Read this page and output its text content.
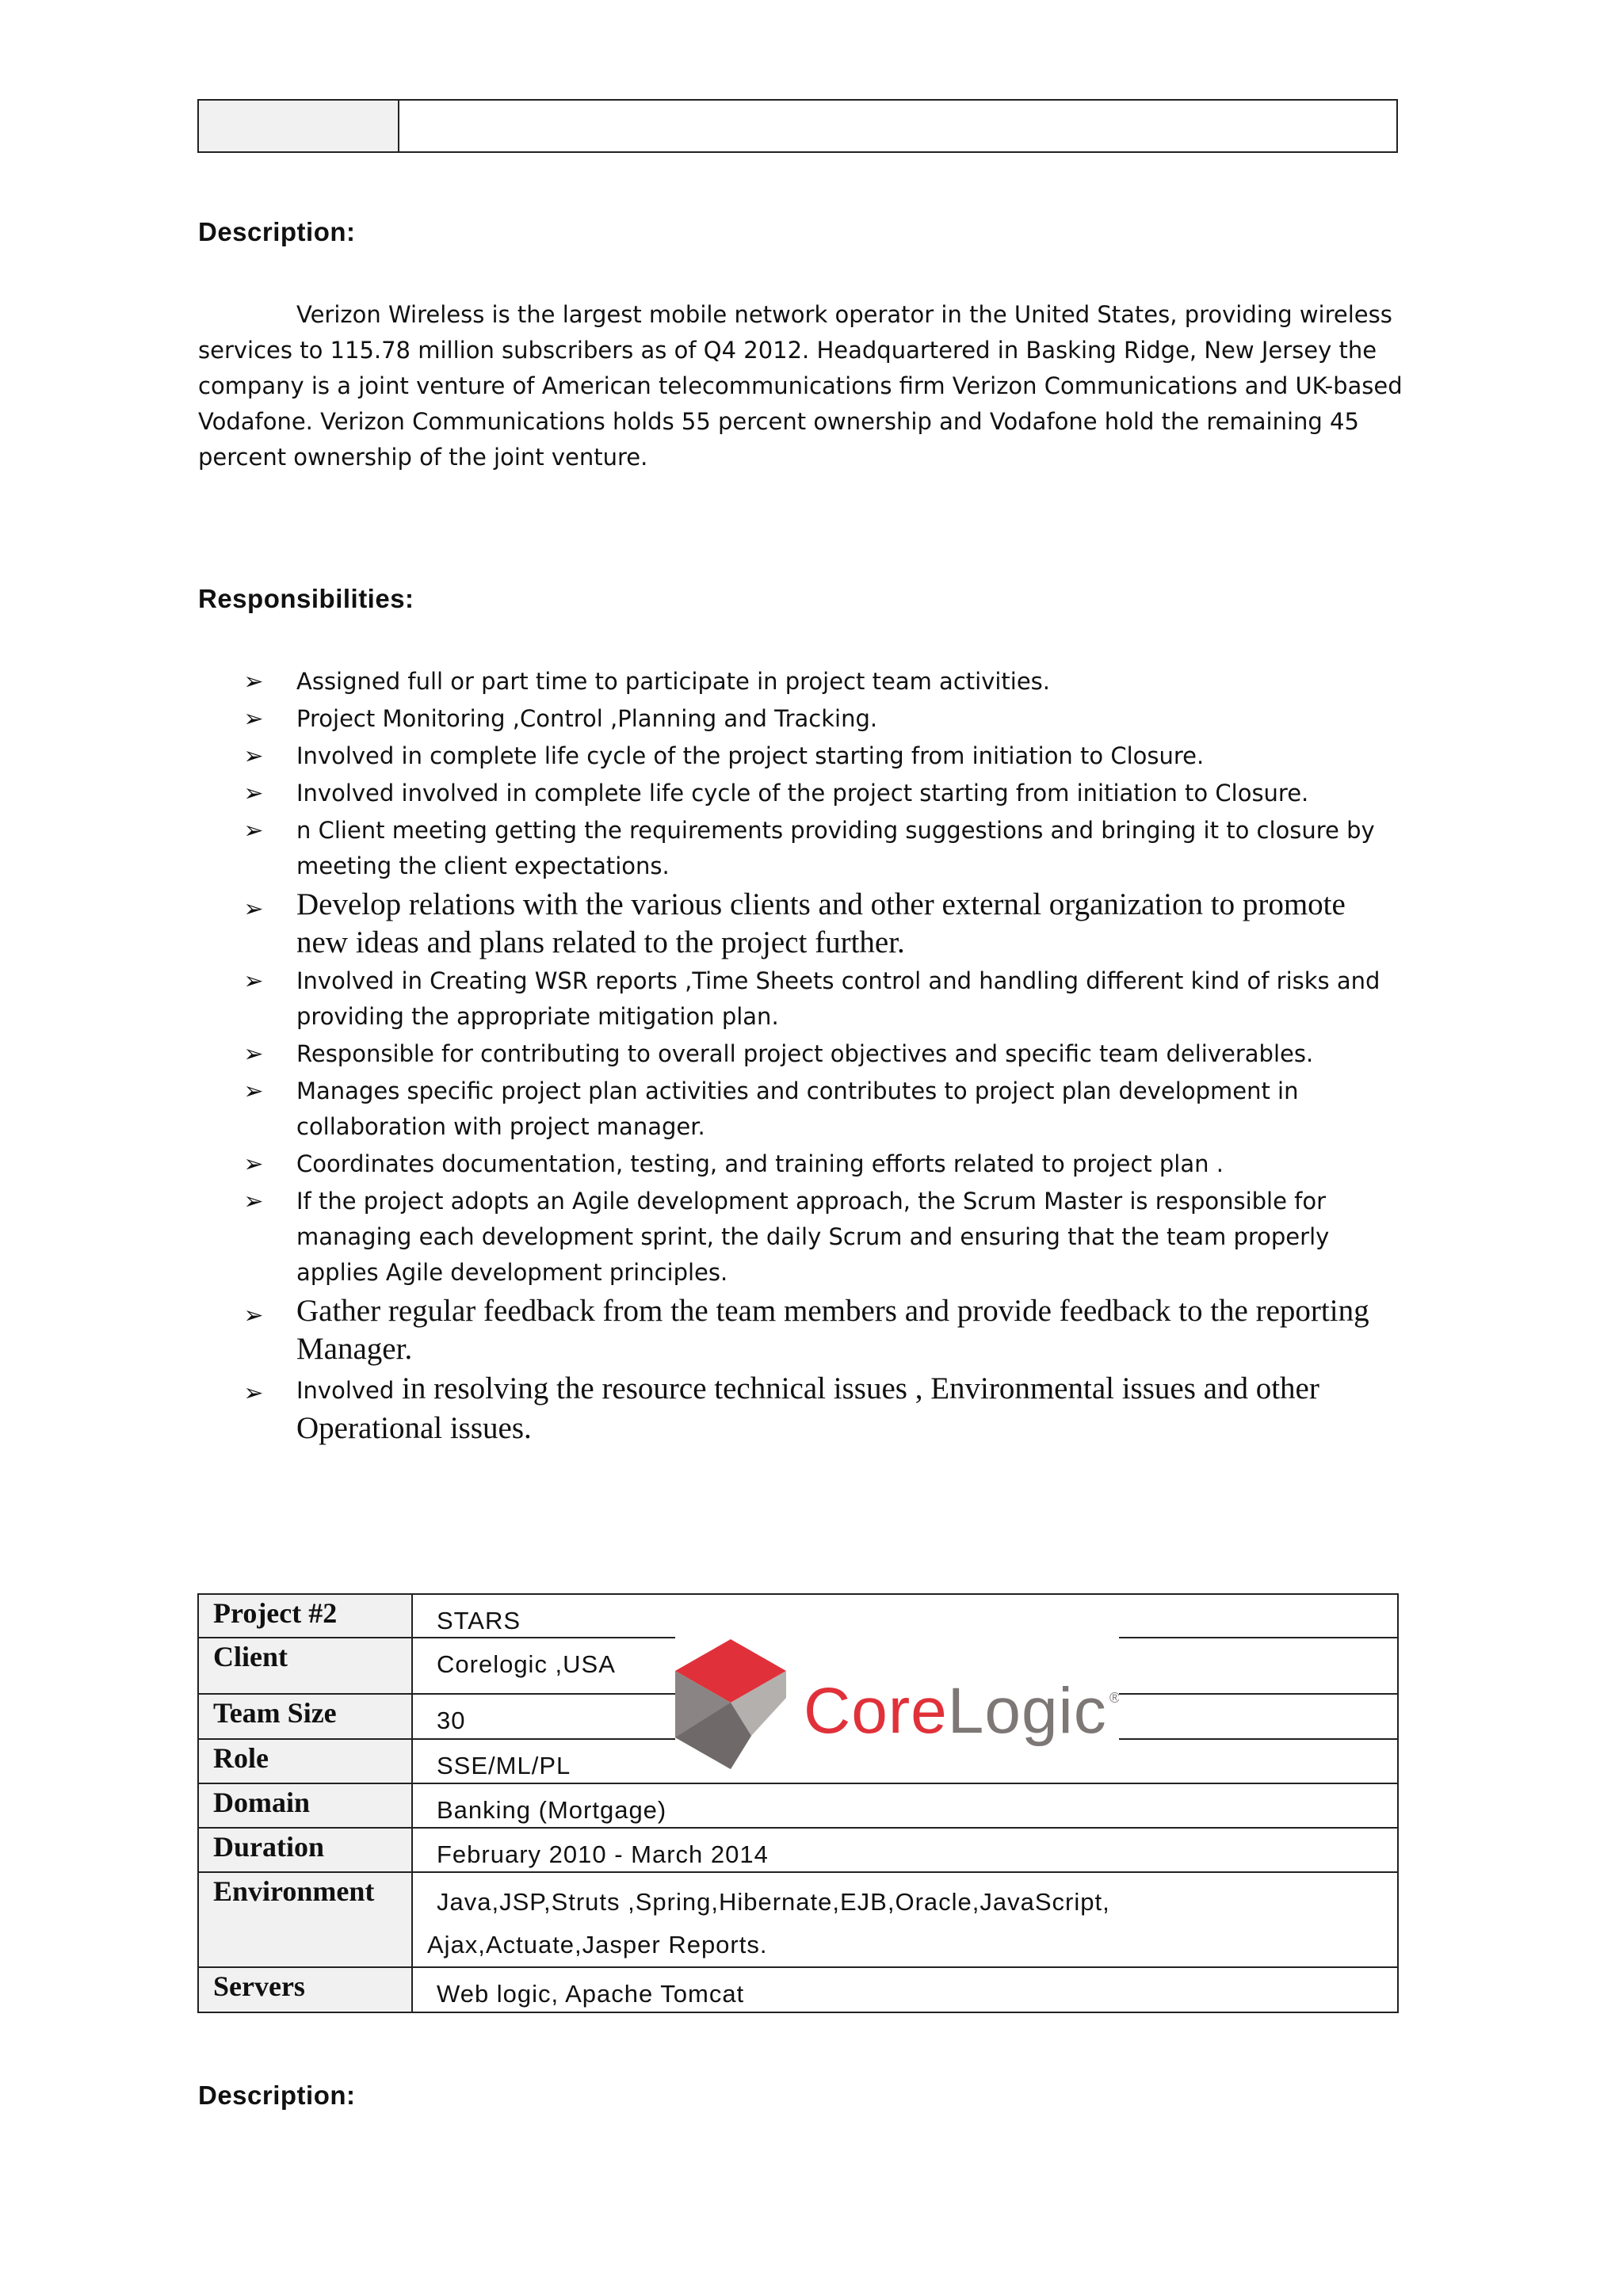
Description:

Verizon Wireless is the largest mobile network operator in the United States, providing wireless services to 115.78 million subscribers as of Q4 2012. Headquartered in Basking Ridge, New Jersey the company is a joint venture of American telecommunications firm Verizon Communications and UK-based Vodafone. Verizon Communications holds 55 percent ownership and Vodafone hold the remaining 45 percent ownership of the joint venture.

Responsibilities:
➢ Assigned full or part time to participate in project team activities.
➢ Project Monitoring ,Control ,Planning and Tracking.
➢ Involved in complete life cycle of the project starting from initiation to Closure.
➢ Involved involved in complete life cycle of the project starting from initiation to Closure.
➢ n Client meeting getting the requirements providing suggestions and bringing it to closure by meeting the client expectations.
➢ Develop relations with the various clients and other external organization to promote new ideas and plans related to the project further.
➢ Involved in Creating WSR reports ,Time Sheets control and handling different kind of risks and providing the appropriate mitigation plan.
➢ Responsible for contributing to overall project objectives and specific team deliverables.
➢ Manages specific project plan activities and contributes to project plan development in collaboration with project manager.
➢ Coordinates documentation, testing, and training efforts related to project plan .
➢ If the project adopts an Agile development approach, the Scrum Master is responsible for managing each development sprint, the daily Scrum and ensuring that the team properly applies Agile development principles.
➢ Gather regular feedback from the team members and provide feedback to the reporting Manager.
➢ Involved in resolving the resource technical issues , Environmental issues and other Operational issues.
Project #2	STARS
Client	Corelogic ,USA
Team Size	30
Role	SSE/ML/PL
Domain	Banking (Mortgage)
Duration	February 2010 - March 2014
Environment	Java,JSP,Struts ,Spring,Hibernate,EJB,Oracle,JavaScript,
Ajax,Actuate,Jasper Reports.
Servers	Web logic, Apache Tomcat
CoreLogic ®
Description:
